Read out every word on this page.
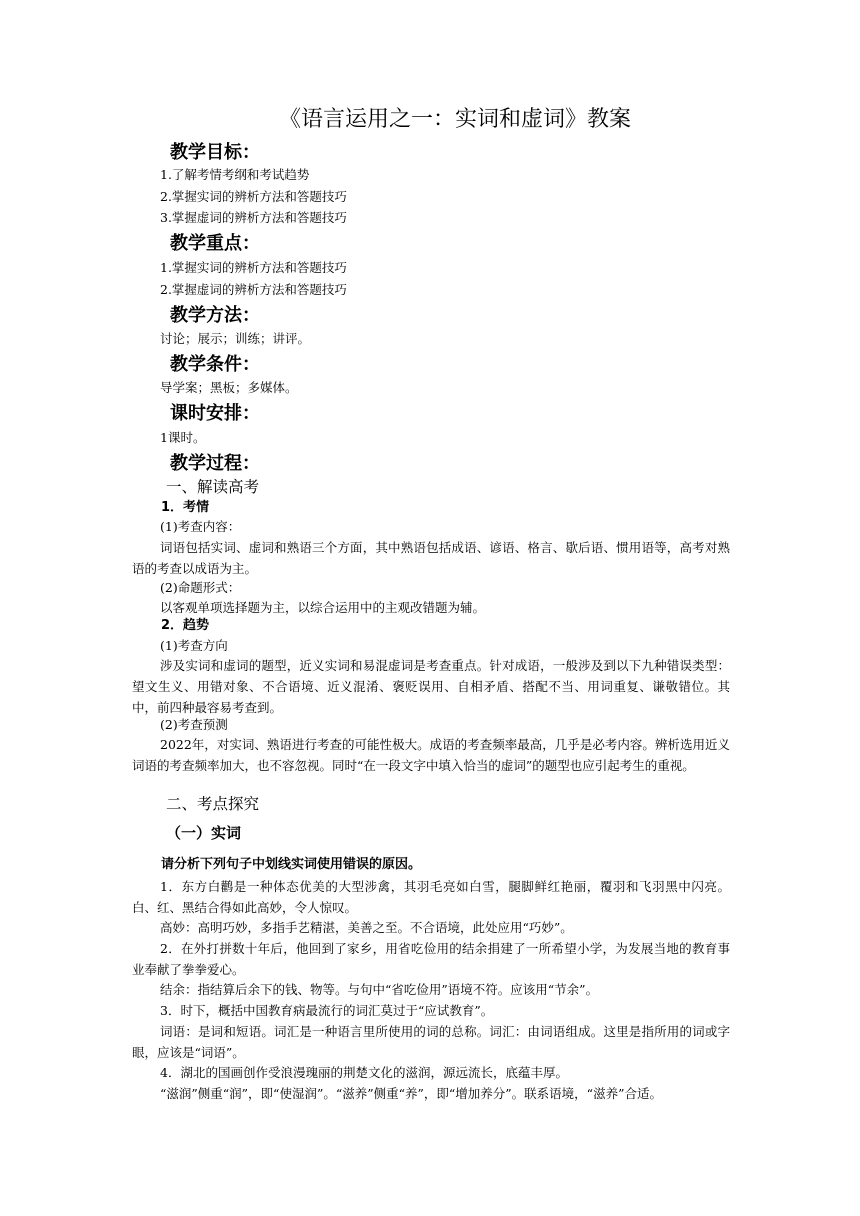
《语言运用之一：实词和虚词》教案
教学目标：
1.了解考情考纲和考试趋势
2.掌握实词的辨析方法和答题技巧
3.掌握虚词的辨析方法和答题技巧
教学重点：
1.掌握实词的辨析方法和答题技巧
2.掌握虚词的辨析方法和答题技巧
教学方法：
讨论；展示；训练；讲评。
教学条件：
导学案；黑板；多媒体。
课时安排：
1课时。
教学过程：
一、解读高考
1．考情
(1)考查内容：
词语包括实词、虚词和熟语三个方面，其中熟语包括成语、谚语、格言、歇后语、惯用语等，高考对熟语的考查以成语为主。
(2)命题形式：
以客观单项选择题为主，以综合运用中的主观改错题为辅。
2．趋势
(1)考查方向
涉及实词和虚词的题型，近义实词和易混虚词是考查重点。针对成语，一般涉及到以下九种错误类型：望文生义、用错对象、不合语境、近义混淆、褒贬误用、自相矛盾、搭配不当、用词重复、谦敬错位。其中，前四种最容易考查到。
(2)考查预测
2022年，对实词、熟语进行考查的可能性极大。成语的考查频率最高，几乎是必考内容。辨析选用近义词语的考查频率加大，也不容忽视。同时“在一段文字中填入恰当的虚词”的题型也应引起考生的重视。
二、考点探究
（一）实词
请分析下列句子中划线实词使用错误的原因。
1．东方白鹳是一种体态优美的大型涉禽，其羽毛亮如白雪，腿脚鲜红艳丽，覆羽和飞羽黑中闪亮。白、红、黑结合得如此高妙，令人惊叹。
高妙：高明巧妙，多指手艺精湛，美善之至。不合语境，此处应用“巧妙”。
2．在外打拼数十年后，他回到了家乡，用省吃俭用的结余捐建了一所希望小学，为发展当地的教育事业奉献了拳拳爱心。
结余：指结算后余下的钱、物等。与句中“省吃俭用”语境不符。应该用“节余”。
3．时下，概括中国教育病最流行的词汇莫过于“应试教育”。
词语：是词和短语。词汇是一种语言里所使用的词的总称。词汇：由词语组成。这里是指所用的词或字眼，应该是“词语”。
4．湖北的国画创作受浪漫瑰丽的荆楚文化的滋润，源远流长，底蕴丰厚。
“滋润”侧重“润”，即“使湿润”。“滋养”侧重“养”，即“增加养分”。联系语境，“滋养”合适。
